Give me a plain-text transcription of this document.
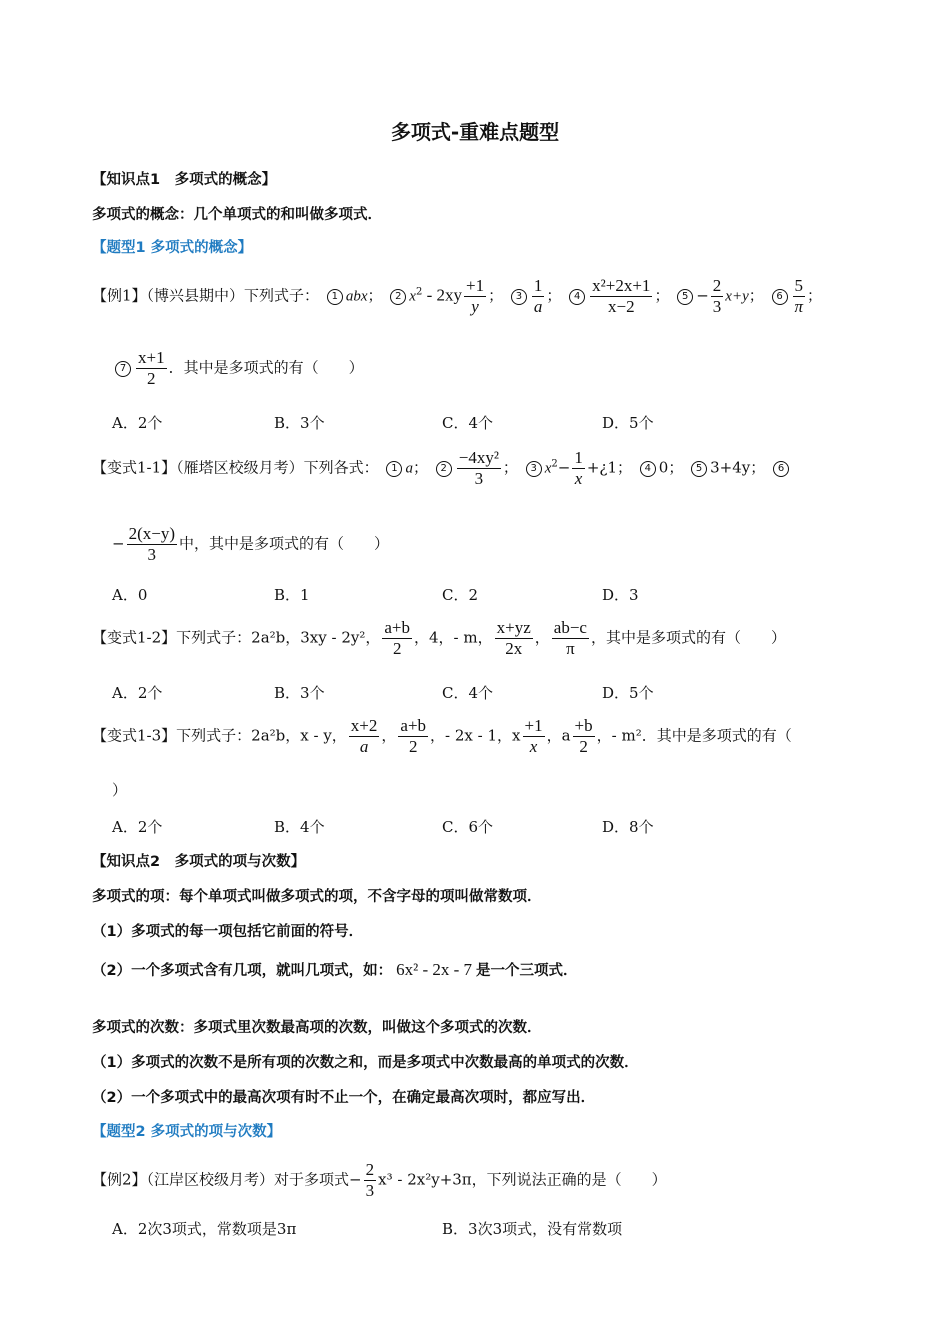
多项式-重难点题型
【知识点1　多项式的概念】
多项式的概念：几个单项式的和叫做多项式．
【题型1 多项式的概念】
【例1】（博兴县期中）下列式子： 1 abx； 2 $x^2 - 2xy \frac{+1}{y}$ ； $3 \frac{1}{a}$ ； $4 \frac{\text{x²+2x+1}}{x-2}$ ； $5 - \frac{2}{3} x+y$； $6 \frac{5}{\pi}$ ；
$7 \frac{x+1}{2}$ ．其中是多项式的有（　　）
A．2个	B．3个	C．4个	D．5个
【变式1-1】（雁塔区校级月考）下列各式： 1 a； $2 \frac{\text{−4xy²}}{3}$ ； 3 $x^2- \frac{1}{x}$ +¿1； 4 0； 5 3+4y； 6
− $\frac{2(x-y)}{3}$ 中，其中是多项式的有（　　）
A．0	B．1	C．2	D．3
【变式1-2】下列式子：2a²b，3xy - 2y²， $\frac{a+b}{2}$ ，4，- m， $\frac{x+yz}{2x}$ ， $\frac{ab-c}{\pi}$ ，其中是多项式的有（　　）
A．2个	B．3个	C．4个	D．5个
【变式1-3】下列式子：2a²b，x - y， $\frac{x+2}{a}$ ， $\frac{a+b}{2}$ ，- 2x - 1，x $\frac{+1}{x}$ ，a $\frac{+b}{2}$ ，- m²．其中是多项式的有（
）
A．2个	B．4个	C．6个	D．8个
【知识点2　多项式的项与次数】
多项式的项：每个单项式叫做多项式的项，不含字母的项叫做常数项．
（1）多项式的每一项包括它前面的符号．
（2）一个多项式含有几项，就叫几项式，如： 6x² - 2x - 7 是一个三项式．
多项式的次数：多项式里次数最高项的次数，叫做这个多项式的次数．
（1）多项式的次数不是所有项的次数之和，而是多项式中次数最高的单项式的次数．
（2）一个多项式中的最高次项有时不止一个，在确定最高次项时，都应写出．
【题型2 多项式的项与次数】
【例2】（江岸区校级月考）对于多项式− $\frac{2}{3} x^3 - 2x^2y+3\pi$，下列说法正确的是（　　）
A．2次3项式，常数项是3π	B．3次3项式，没有常数项
